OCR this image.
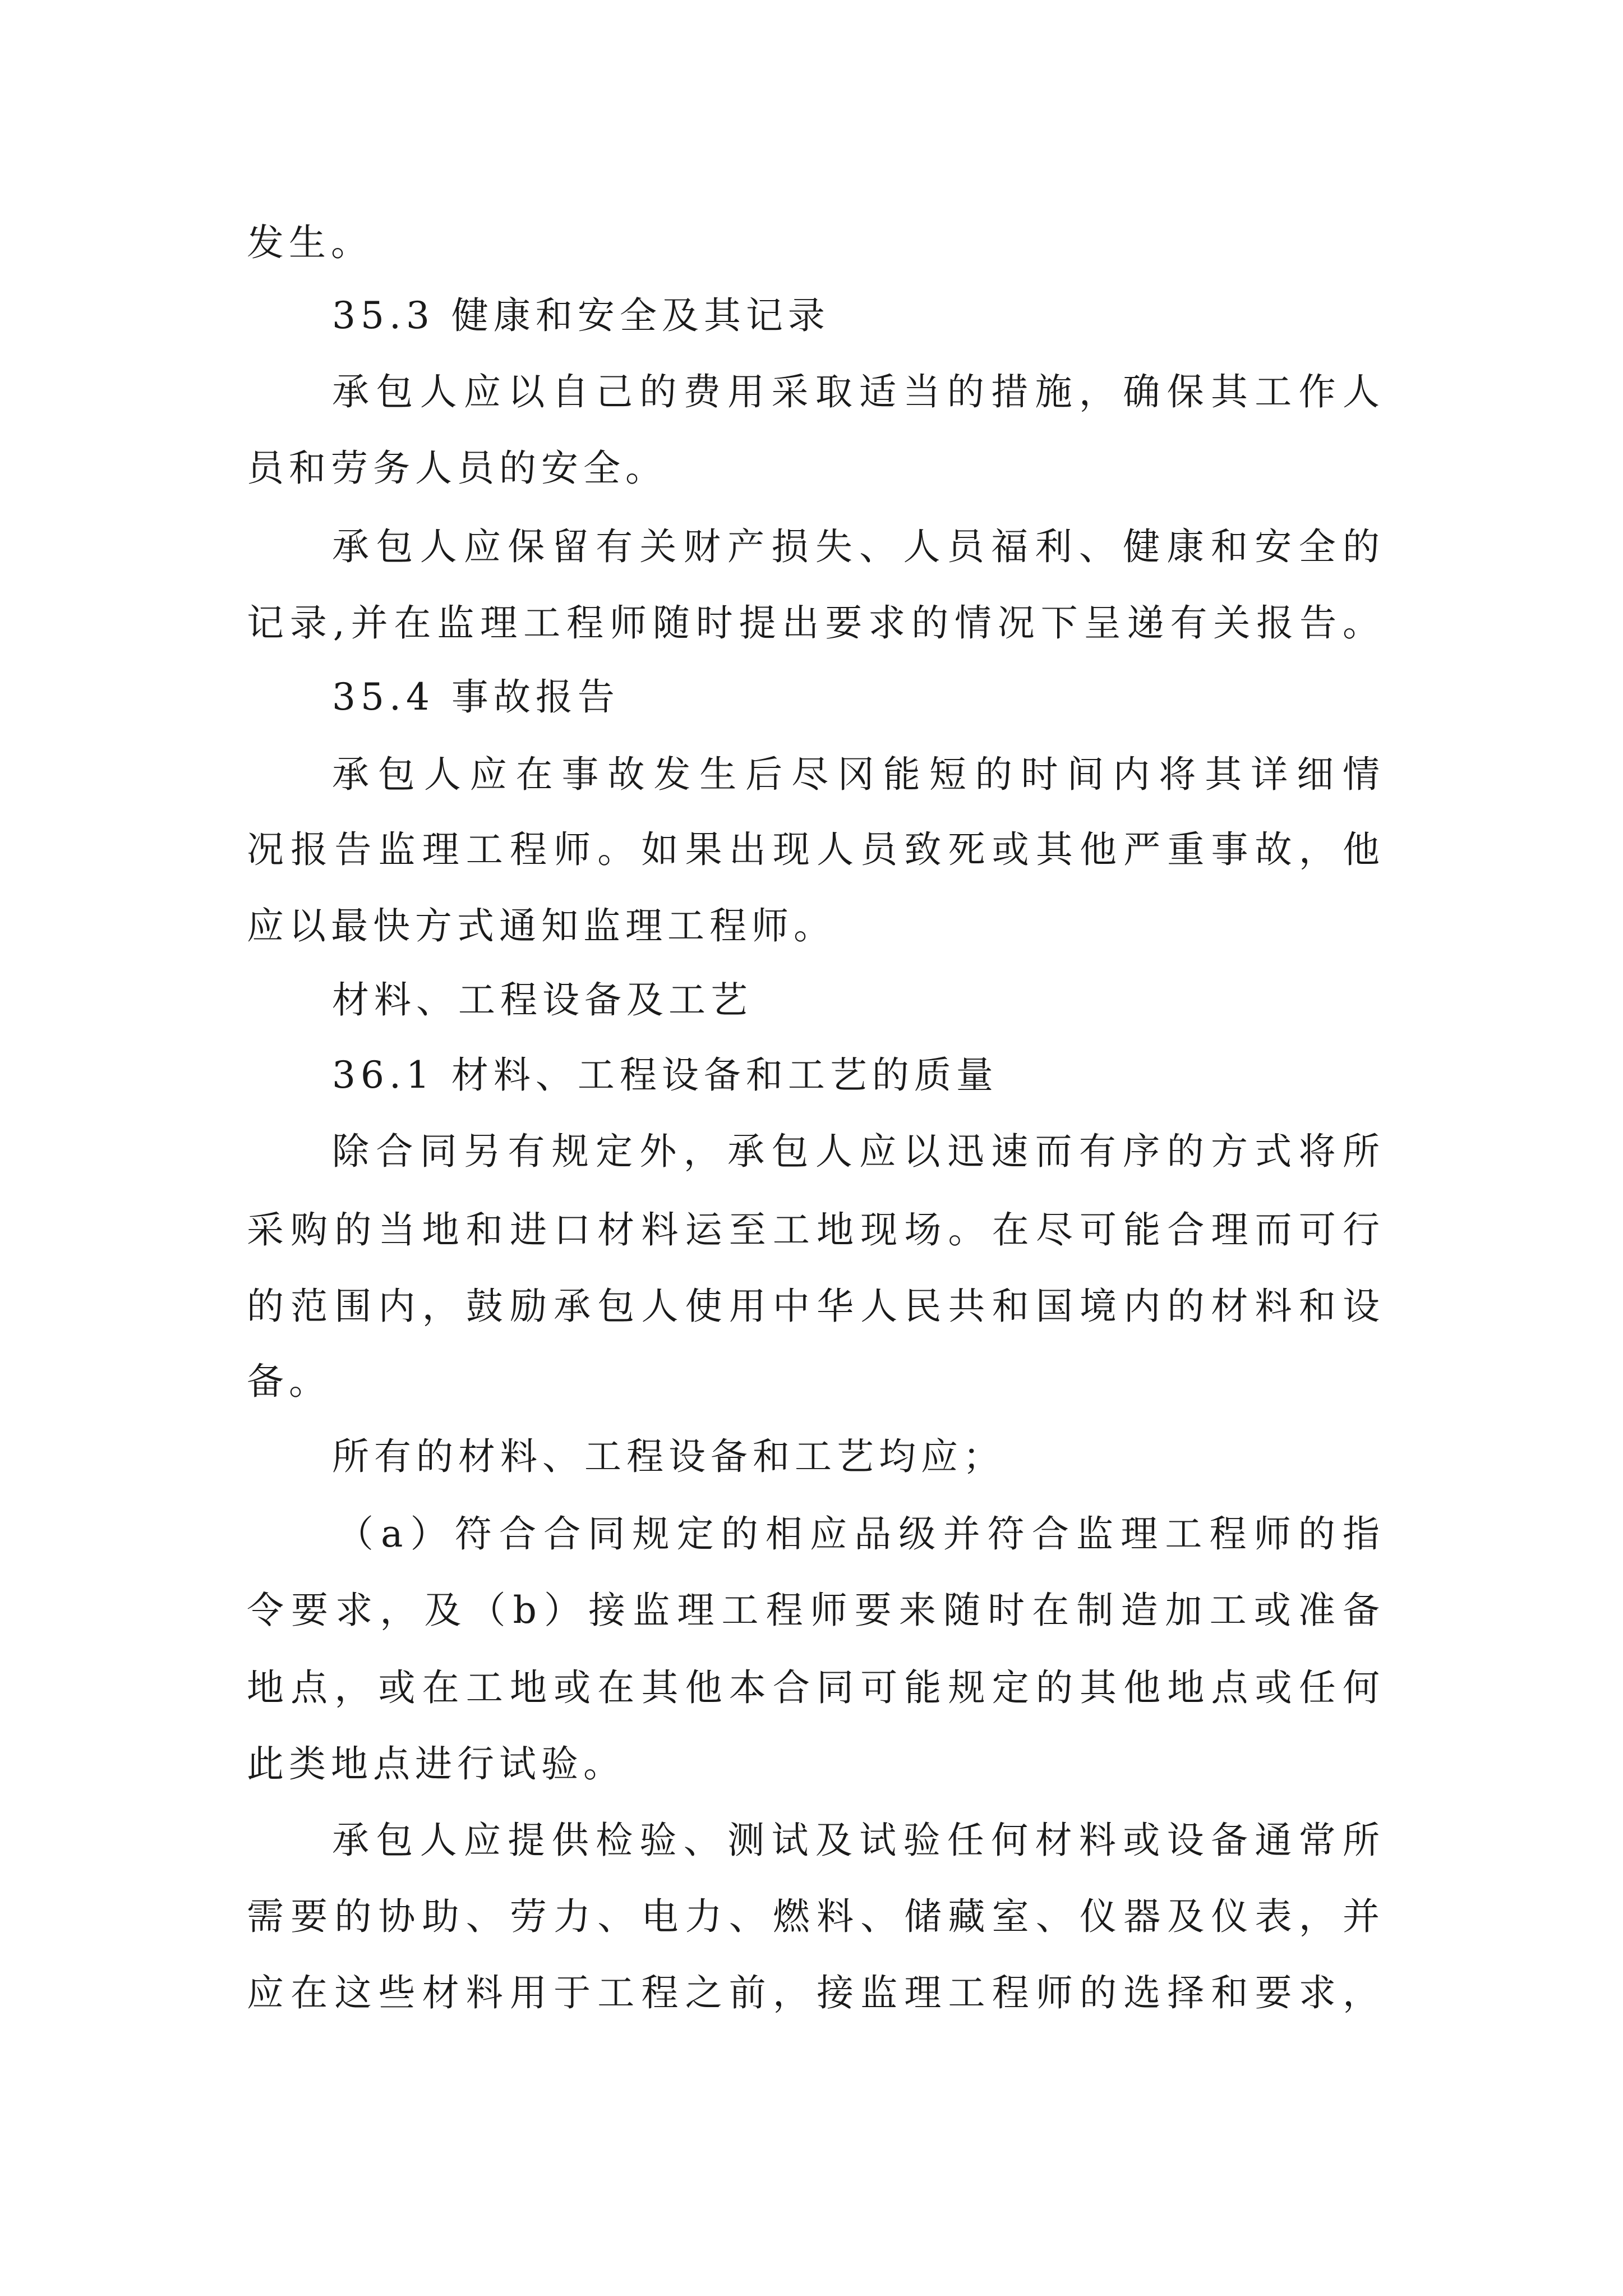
发生。
35.3 健康和安全及其记录
承包人应以自己的费用采取适当的措施，确保其工作人
员和劳务人员的安全。
承包人应保留有关财产损失、人员福利、健康和安全的
记录,并在监理工程师随时提出要求的情况下呈递有关报告。
35.4 事故报告
承包人应在事故发生后尽冈能短的时间内将其详细情
况报告监理工程师。如果出现人员致死或其他严重事故，他
应以最快方式通知监理工程师。
材料、工程设备及工艺
36.1 材料、工程设备和工艺的质量
除合同另有规定外，承包人应以迅速而有序的方式将所
采购的当地和进口材料运至工地现场。在尽可能合理而可行
的范围内，鼓励承包人使用中华人民共和国境内的材料和设
备。
所有的材料、工程设备和工艺均应；
（a）符合合同规定的相应品级并符合监理工程师的指
令要求，及（b）接监理工程师要来随时在制造加工或准备
地点，或在工地或在其他本合同可能规定的其他地点或任何
此类地点进行试验。
承包人应提供检验、测试及试验任何材料或设备通常所
需要的协助、劳力、电力、燃料、储藏室、仪器及仪表，并
应在这些材料用于工程之前，接监理工程师的选择和要求，
